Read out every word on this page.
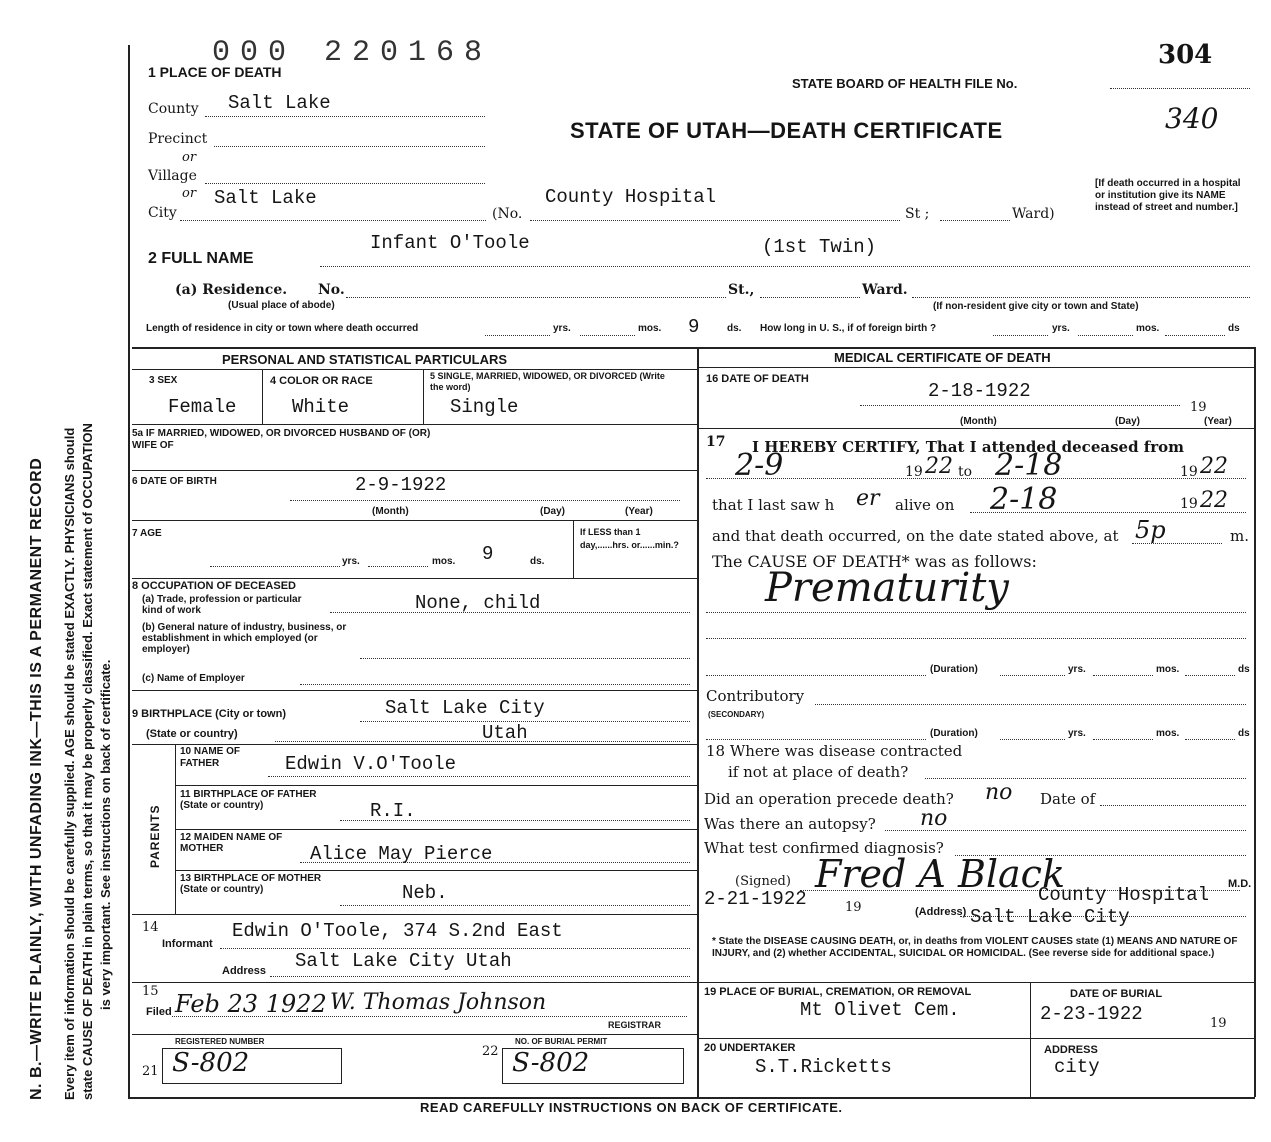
N. B.—WRITE PLAINLY, WITH UNFADING INK—THIS IS A PERMANENT RECORD Every item of information should be carefully supplied. AGE should be stated EXACTLY. PHYSICIANS should state CAUSE OF DEATH in plain terms, so that it may be properly classified. Exact statement of OCCUPATION is very important. See instructions on back of certificate.
000 220168	304
1 PLACE OF DEATH
STATE BOARD OF HEALTH FILE No.
340
STATE OF UTAH—DEATH CERTIFICATE
County Salt Lake
Precinct
or
Village
or
City
Salt Lake
(No.
County Hospital
St ;	Ward)
[If death occurred in a hospital or institution give its NAME instead of street and number.]
2 FULL NAME
Infant O'Toole	(1st Twin)
(a) Residence. No.
(Usual place of abode)
St.,	Ward.
(If non-resident give city or town and State)
Length of residence in city or town where death occurred	yrs.	mos. 9	ds. How long in U. S., if of foreign birth ?	yrs.	mos.	ds
PERSONAL AND STATISTICAL PARTICULARS	MEDICAL CERTIFICATE OF DEATH
3 SEX
Female
4 COLOR OR RACE
White
5 SINGLE, MARRIED, WIDOWED, OR DIVORCED (Write the word)
Single
5a IF MARRIED, WIDOWED, OR DIVORCED HUSBAND OF (OR) WIFE OF
6 DATE OF BIRTH	2-9-1922
(Month)	(Day)	(Year)
7 AGE
yrs.	mos. 9	ds.
If LESS than 1 day,......hrs. or......min.?
8 OCCUPATION OF DECEASED
(a) Trade, profession or particular kind of work	None, child
(b) General nature of industry, business, or establishment in which employed (or employer)
(c) Name of Employer
9 BIRTHPLACE (City or town)	Salt Lake City
(State or country)	Utah
PARENTS
10 NAME OF FATHER	Edwin V.O'Toole
11 BIRTHPLACE OF FATHER (State or country)	R.I.
12 MAIDEN NAME OF MOTHER	Alice May Pierce
13 BIRTHPLACE OF MOTHER (State or country)	Neb.
14
Informant
Edwin O'Toole, 374 S.2nd East
Address Salt Lake City Utah
15
Filed Feb 23 1922 W. Thomas Johnson
REGISTRAR
REGISTERED NUMBER	NO. OF BURIAL PERMIT
21 S-802	22 S-802
16 DATE OF DEATH
2-18-1922
(Month)	(Day)
19
(Year)
17 I HEREBY CERTIFY, That I attended deceased from
2-9	19 22 to 2-18	19 22
that I last saw h er alive on 2-18	19 22
and that death occurred, on the date stated above, at 5p	m.
The CAUSE OF DEATH* was as follows:
Prematurity
(Duration)	yrs.	mos.	ds
Contributory
(SECONDARY)
(Duration)	yrs.	mos.	ds
18 Where was disease contracted
if not at place of death?
Did an operation precede death? no Date of
Was there an autopsy? no
What test confirmed diagnosis?
(Signed) Fred A Black	M.D.
2-21-1922	19	(Address)
County Hospital
Salt Lake City
* State the DISEASE CAUSING DEATH, or, in deaths from VIOLENT CAUSES state (1) MEANS AND NATURE OF INJURY, and (2) whether ACCIDENTAL, SUICIDAL OR HOMICIDAL. (See reverse side for additional space.)
19 PLACE OF BURIAL, CREMATION, OR REMOVAL
Mt Olivet Cem.
DATE OF BURIAL
2-23-1922	19
20 UNDERTAKER
S.T.Ricketts
ADDRESS
city
READ CAREFULLY INSTRUCTIONS ON BACK OF CERTIFICATE.
